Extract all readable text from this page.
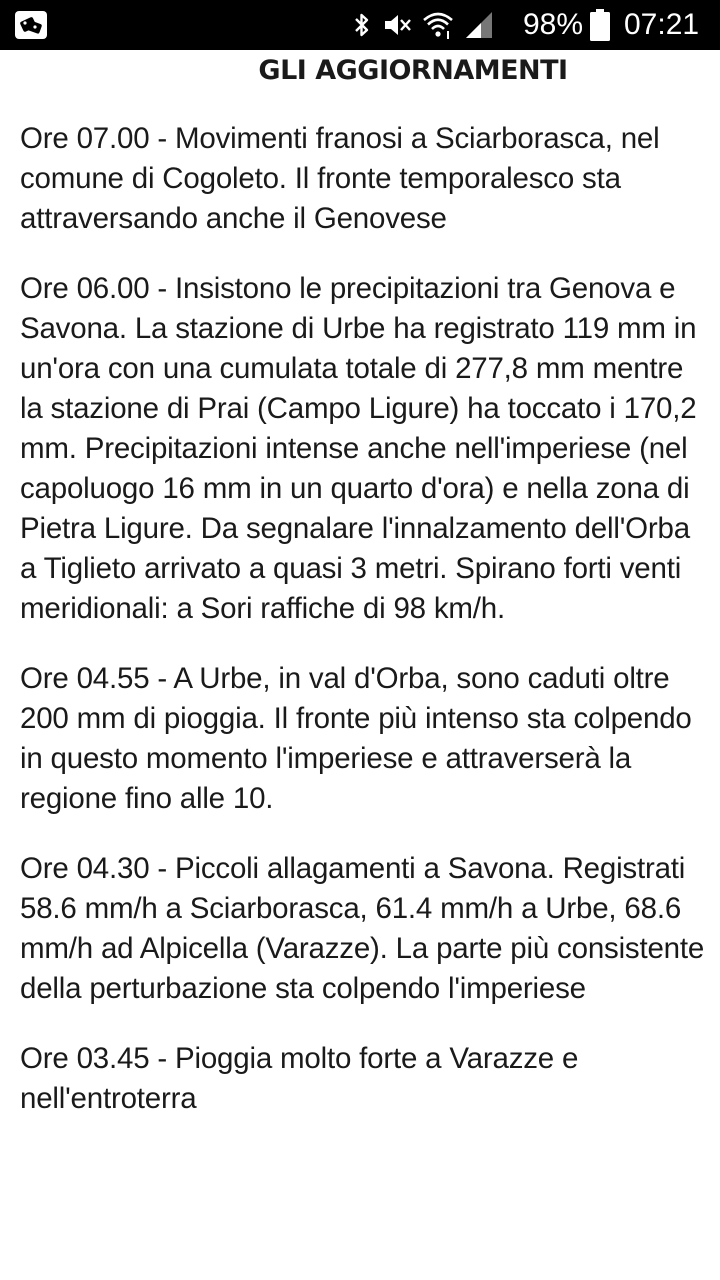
98% 07:21
GLI AGGIORNAMENTI
Ore 07.00 - Movimenti franosi a Sciarborasca, nel comune di Cogoleto. Il fronte temporalesco sta attraversando anche il Genovese
Ore 06.00 - Insistono le precipitazioni tra Genova e Savona. La stazione di Urbe ha registrato 119 mm in un'ora con una cumulata totale di 277,8 mm mentre la stazione di Prai (Campo Ligure) ha toccato i 170,2 mm. Precipitazioni intense anche nell'imperiese (nel capoluogo 16 mm in un quarto d'ora) e nella zona di Pietra Ligure. Da segnalare l'innalzamento dell'Orba a Tiglieto arrivato a quasi 3 metri. Spirano forti venti meridionali: a Sori raffiche di 98 km/h.
Ore 04.55 - A Urbe, in val d'Orba, sono caduti oltre 200 mm di pioggia. Il fronte più intenso sta colpendo in questo momento l'imperiese e attraverserà la regione fino alle 10.
Ore 04.30 - Piccoli allagamenti a Savona. Registrati 58.6 mm/h a Sciarborasca, 61.4 mm/h a Urbe, 68.6 mm/h ad Alpicella (Varazze). La parte più consistente della perturbazione sta colpendo l'imperiese
Ore 03.45 - Pioggia molto forte a Varazze e nell'entroterra
